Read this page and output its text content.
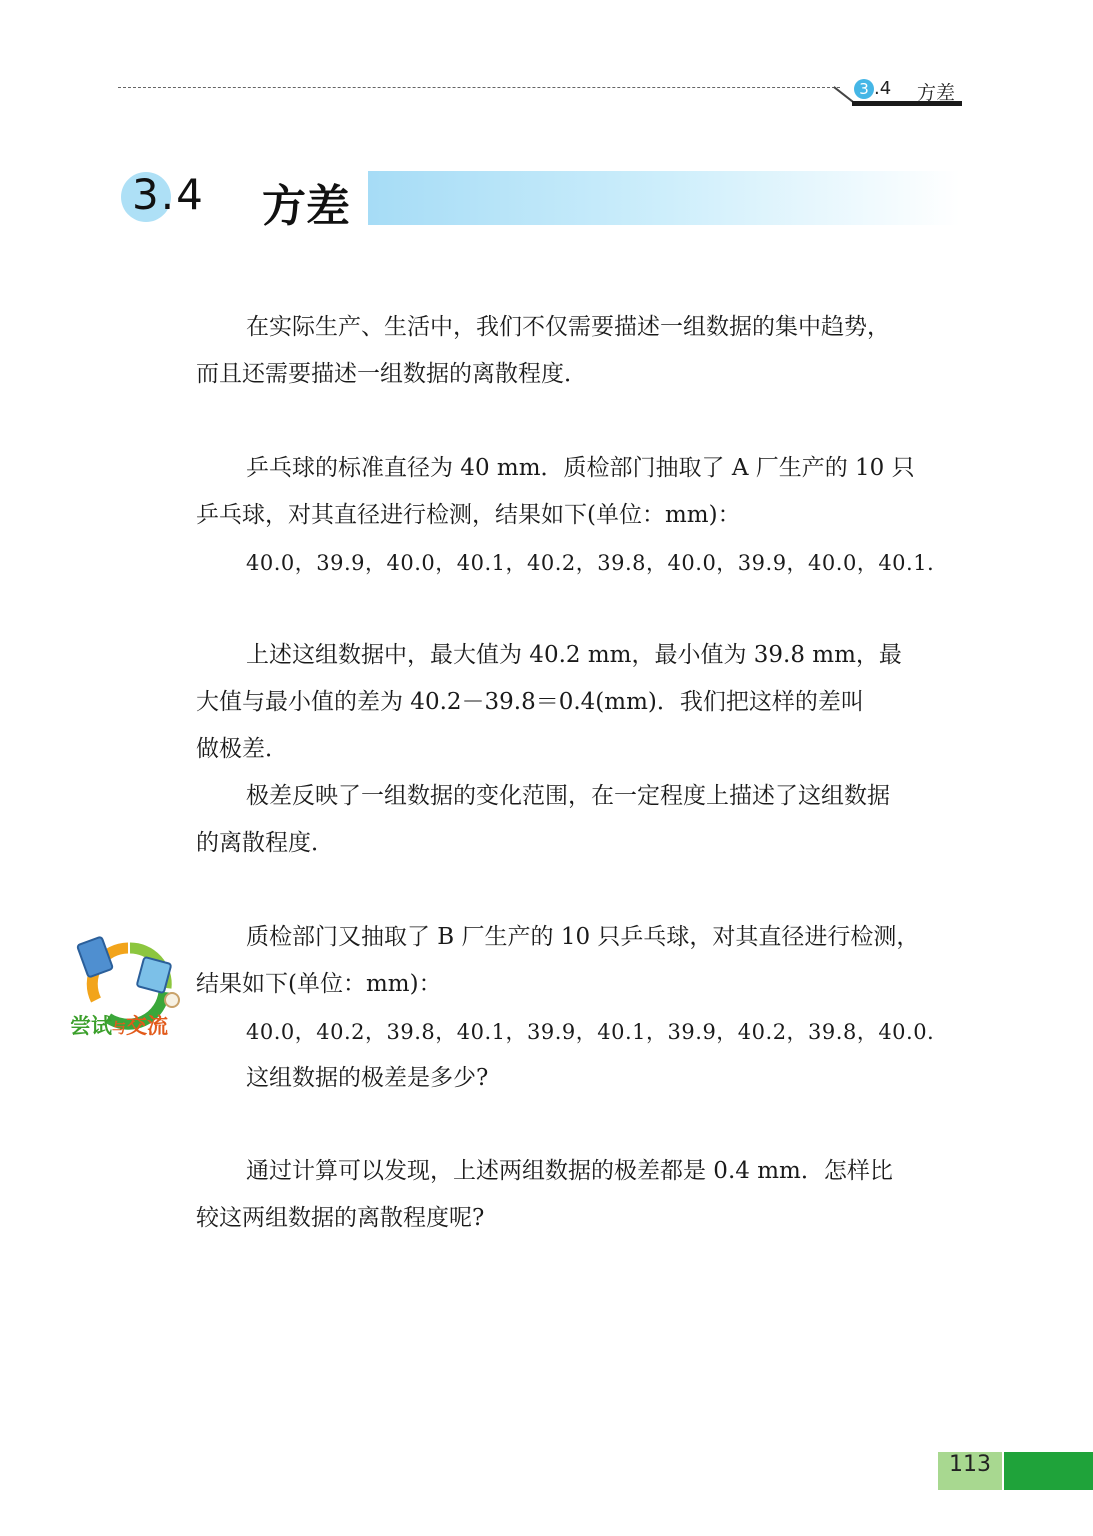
3 .4 方差
3.4 方差

在实际生产、生活中，我们不仅需要描述一组数据的集中趋势，

而且还需要描述一组数据的离散程度．

乒乓球的标准直径为 40 mm．质检部门抽取了 A 厂生产的 10 只

乒乓球，对其直径进行检测，结果如下(单位：mm)：

40.0，39.9，40.0，40.1，40.2，39.8，40.0，39.9，40.0，40.1．

上述这组数据中，最大值为 40.2 mm，最小值为 39.8 mm，最

大值与最小值的差为 40.2－39.8＝0.4(mm)．我们把这样的差叫

做极差．

极差反映了一组数据的变化范围，在一定程度上描述了这组数据

的离散程度．

尝试与交流

质检部门又抽取了 B 厂生产的 10 只乒乓球，对其直径进行检测，

结果如下(单位：mm)：

40.0，40.2，39.8，40.1，39.9，40.1，39.9，40.2，39.8，40.0．

这组数据的极差是多少?

通过计算可以发现，上述两组数据的极差都是 0.4 mm．怎样比

较这两组数据的离散程度呢?

113
